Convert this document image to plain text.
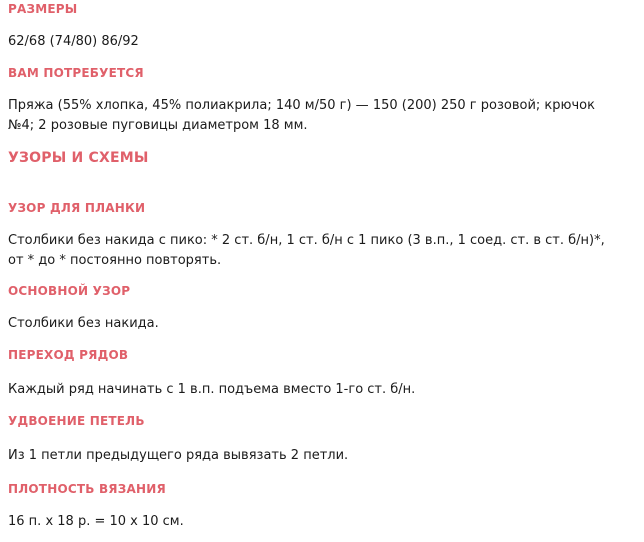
РАЗМЕРЫ

62/68 (74/80) 86/92

ВАМ ПОТРЕБУЕТСЯ

Пряжа (55% хлопка, 45% полиакрила; 140 м/50 г) — 150 (200) 250 г розовой; крючок

№4; 2 розовые пуговицы диаметром 18 мм.

УЗОРЫ И СХЕМЫ
УЗОР ДЛЯ ПЛАНКИ

Столбики без накида с пико: * 2 ст. б/н, 1 ст. б/н с 1 пико (3 в.п., 1 соед. ст. в ст. б/н)*,

от * до * постоянно повторять.

ОСНОВНОЙ УЗОР

Столбики без накида.

ПЕРЕХОД РЯДОВ

Каждый ряд начинать с 1 в.п. подъема вместо 1-го ст. б/н.

УДВОЕНИЕ ПЕТЕЛЬ

Из 1 петли предыдущего ряда вывязать 2 петли.

ПЛОТНОСТЬ ВЯЗАНИЯ

16 п. x 18 р. = 10 x 10 см.
